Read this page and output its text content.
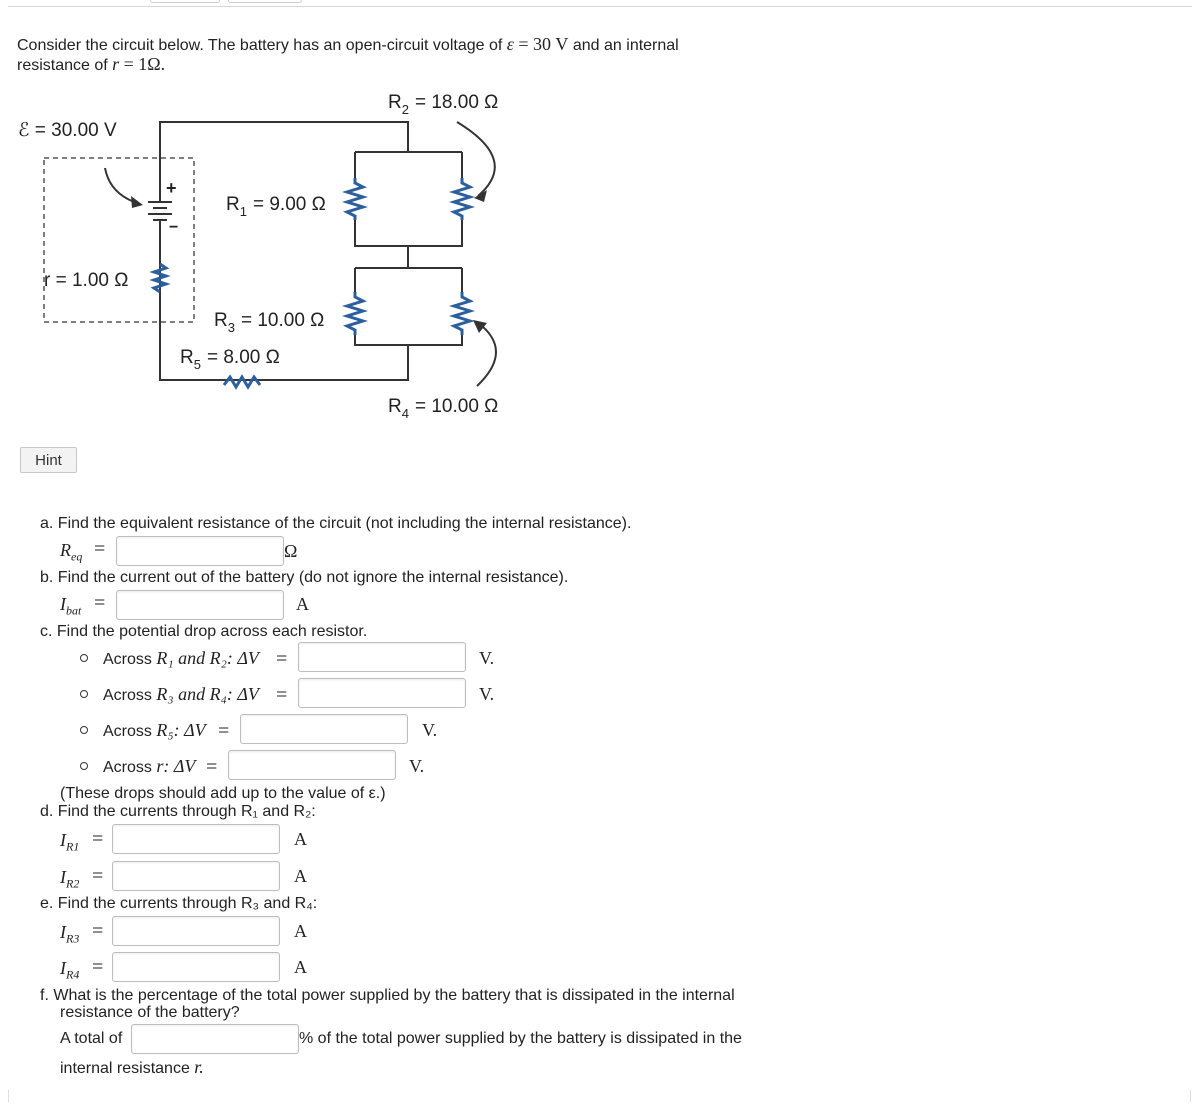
Consider the circuit below. The battery has an open-circuit voltage of ε = 30 V and an internal
resistance of r = 1Ω.
+
−
ℰ = 30.00 V
r = 1.00 Ω
$R_1 = 9.00$ Ω
$R_2 = 18.00$ Ω
$R_3 = 10.00$ Ω
$R_4 = 10.00$ Ω
$R_5 = 8.00$ Ω
Hint
a. Find the equivalent resistance of the circuit (not including the internal resistance).
$R_{eq}$ =	Ω
b. Find the current out of the battery (do not ignore the internal resistance).
$I_{bat}$ =	A
c. Find the potential drop across each resistor.
Across R₁ and R₂: ΔV =	V.
Across R₃ and R₄: ΔV =	V.
Across R₅: ΔV =	V.
Across r: ΔV =	V.
(These drops should add up to the value of ε.)
d. Find the currents through R₁ and R₂:
$I_{R1}$ =	A
$I_{R2}$ =	A
e. Find the currents through R₃ and R₄:
$I_{R3}$ =	A
$I_{R4}$ =	A
f. What is the percentage of the total power supplied by the battery that is dissipated in the internal
resistance of the battery?
A total of	% of the total power supplied by the battery is dissipated in the
internal resistance r.
